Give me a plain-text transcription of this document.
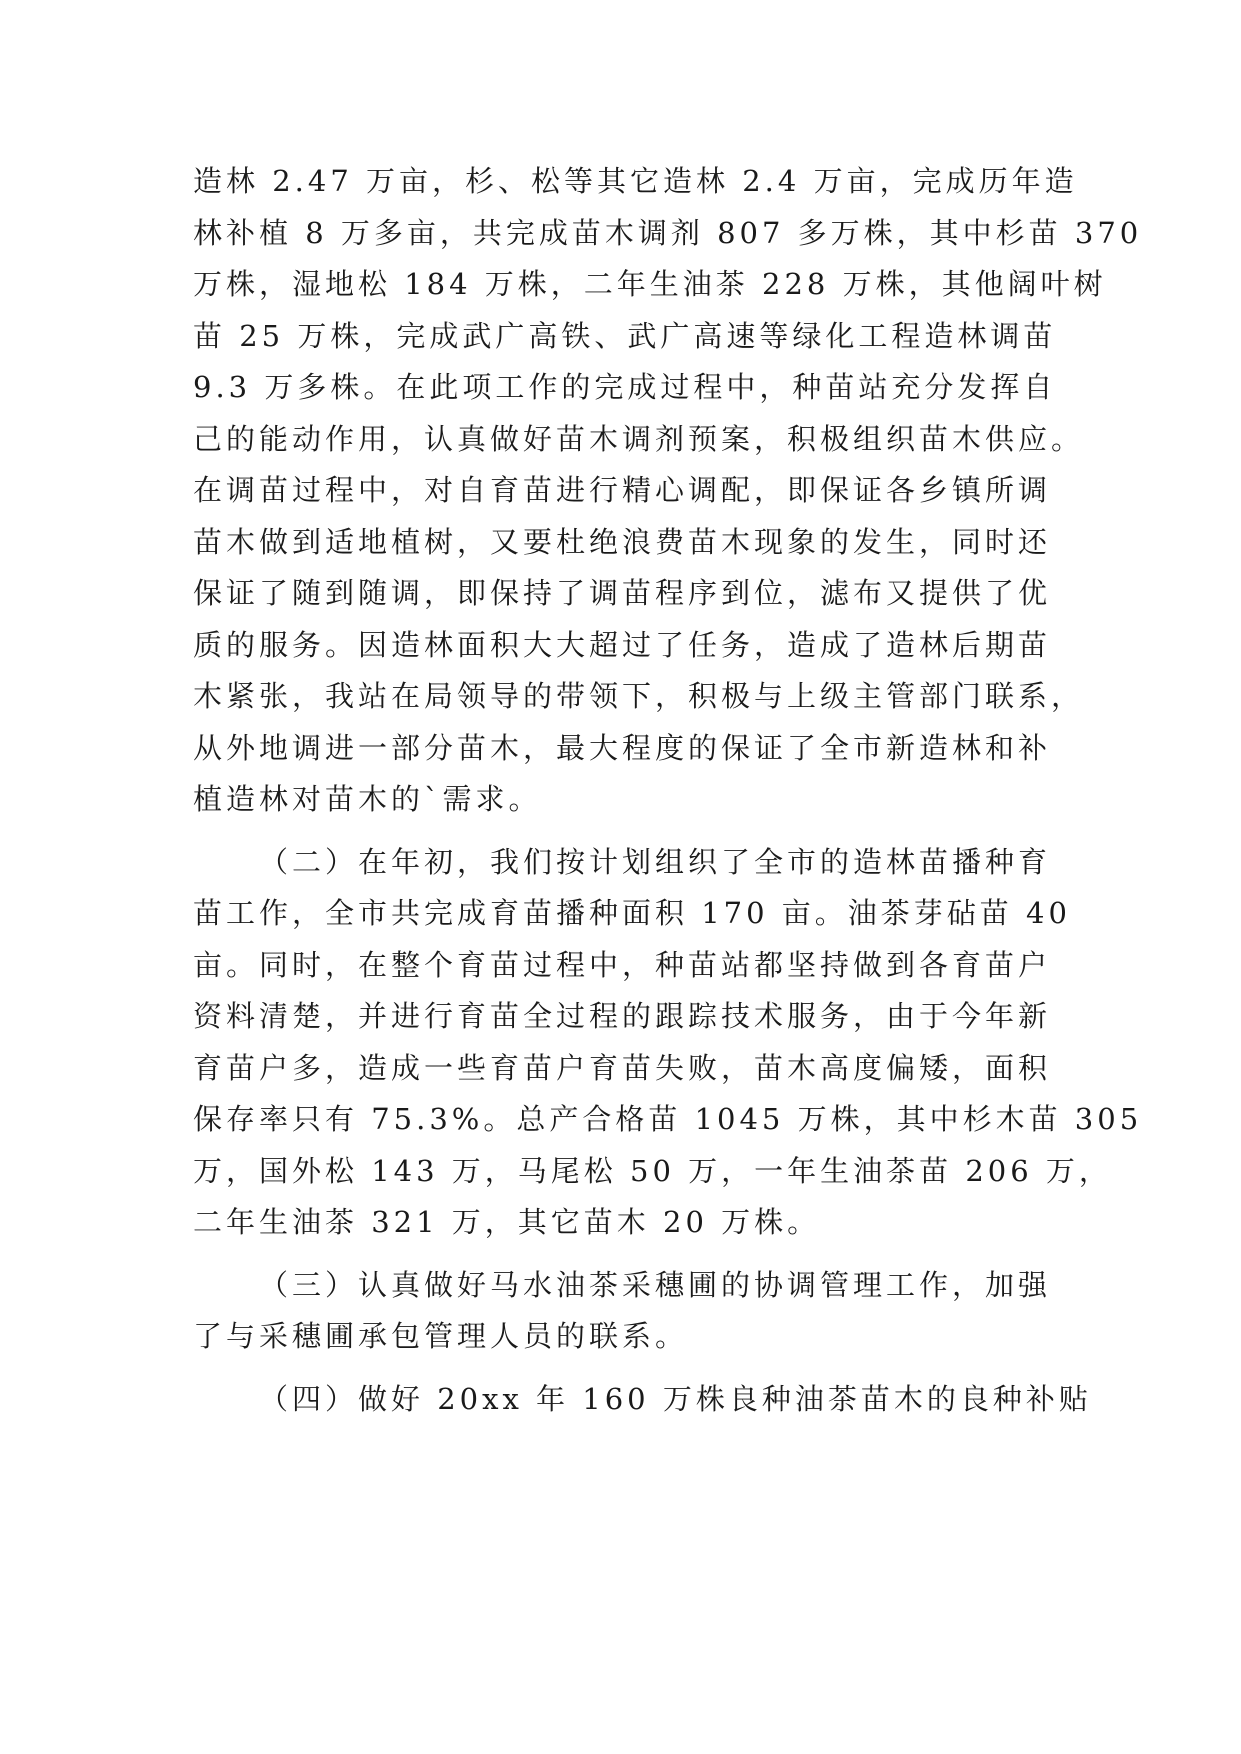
造林 2.47 万亩，杉、松等其它造林 2.4 万亩，完成历年造
林补植 8 万多亩，共完成苗木调剂 807 多万株，其中杉苗 370
万株，湿地松 184 万株，二年生油茶 228 万株，其他阔叶树
苗 25 万株，完成武广高铁、武广高速等绿化工程造林调苗
9.3 万多株。在此项工作的完成过程中，种苗站充分发挥自
己的能动作用，认真做好苗木调剂预案，积极组织苗木供应。
在调苗过程中，对自育苗进行精心调配，即保证各乡镇所调
苗木做到适地植树，又要杜绝浪费苗木现象的发生，同时还
保证了随到随调，即保持了调苗程序到位，滤布又提供了优
质的服务。因造林面积大大超过了任务，造成了造林后期苗
木紧张，我站在局领导的带领下，积极与上级主管部门联系，
从外地调进一部分苗木，最大程度的保证了全市新造林和补
植造林对苗木的`需求。
（二）在年初，我们按计划组织了全市的造林苗播种育
苗工作，全市共完成育苗播种面积 170 亩。油茶芽砧苗 40
亩。同时，在整个育苗过程中，种苗站都坚持做到各育苗户
资料清楚，并进行育苗全过程的跟踪技术服务，由于今年新
育苗户多，造成一些育苗户育苗失败，苗木高度偏矮，面积
保存率只有 75.3%。总产合格苗 1045 万株，其中杉木苗 305
万，国外松 143 万，马尾松 50 万，一年生油茶苗 206 万，
二年生油茶 321 万，其它苗木 20 万株。
（三）认真做好马水油茶采穗圃的协调管理工作，加强
了与采穗圃承包管理人员的联系。
（四）做好 20xx 年 160 万株良种油茶苗木的良种补贴
